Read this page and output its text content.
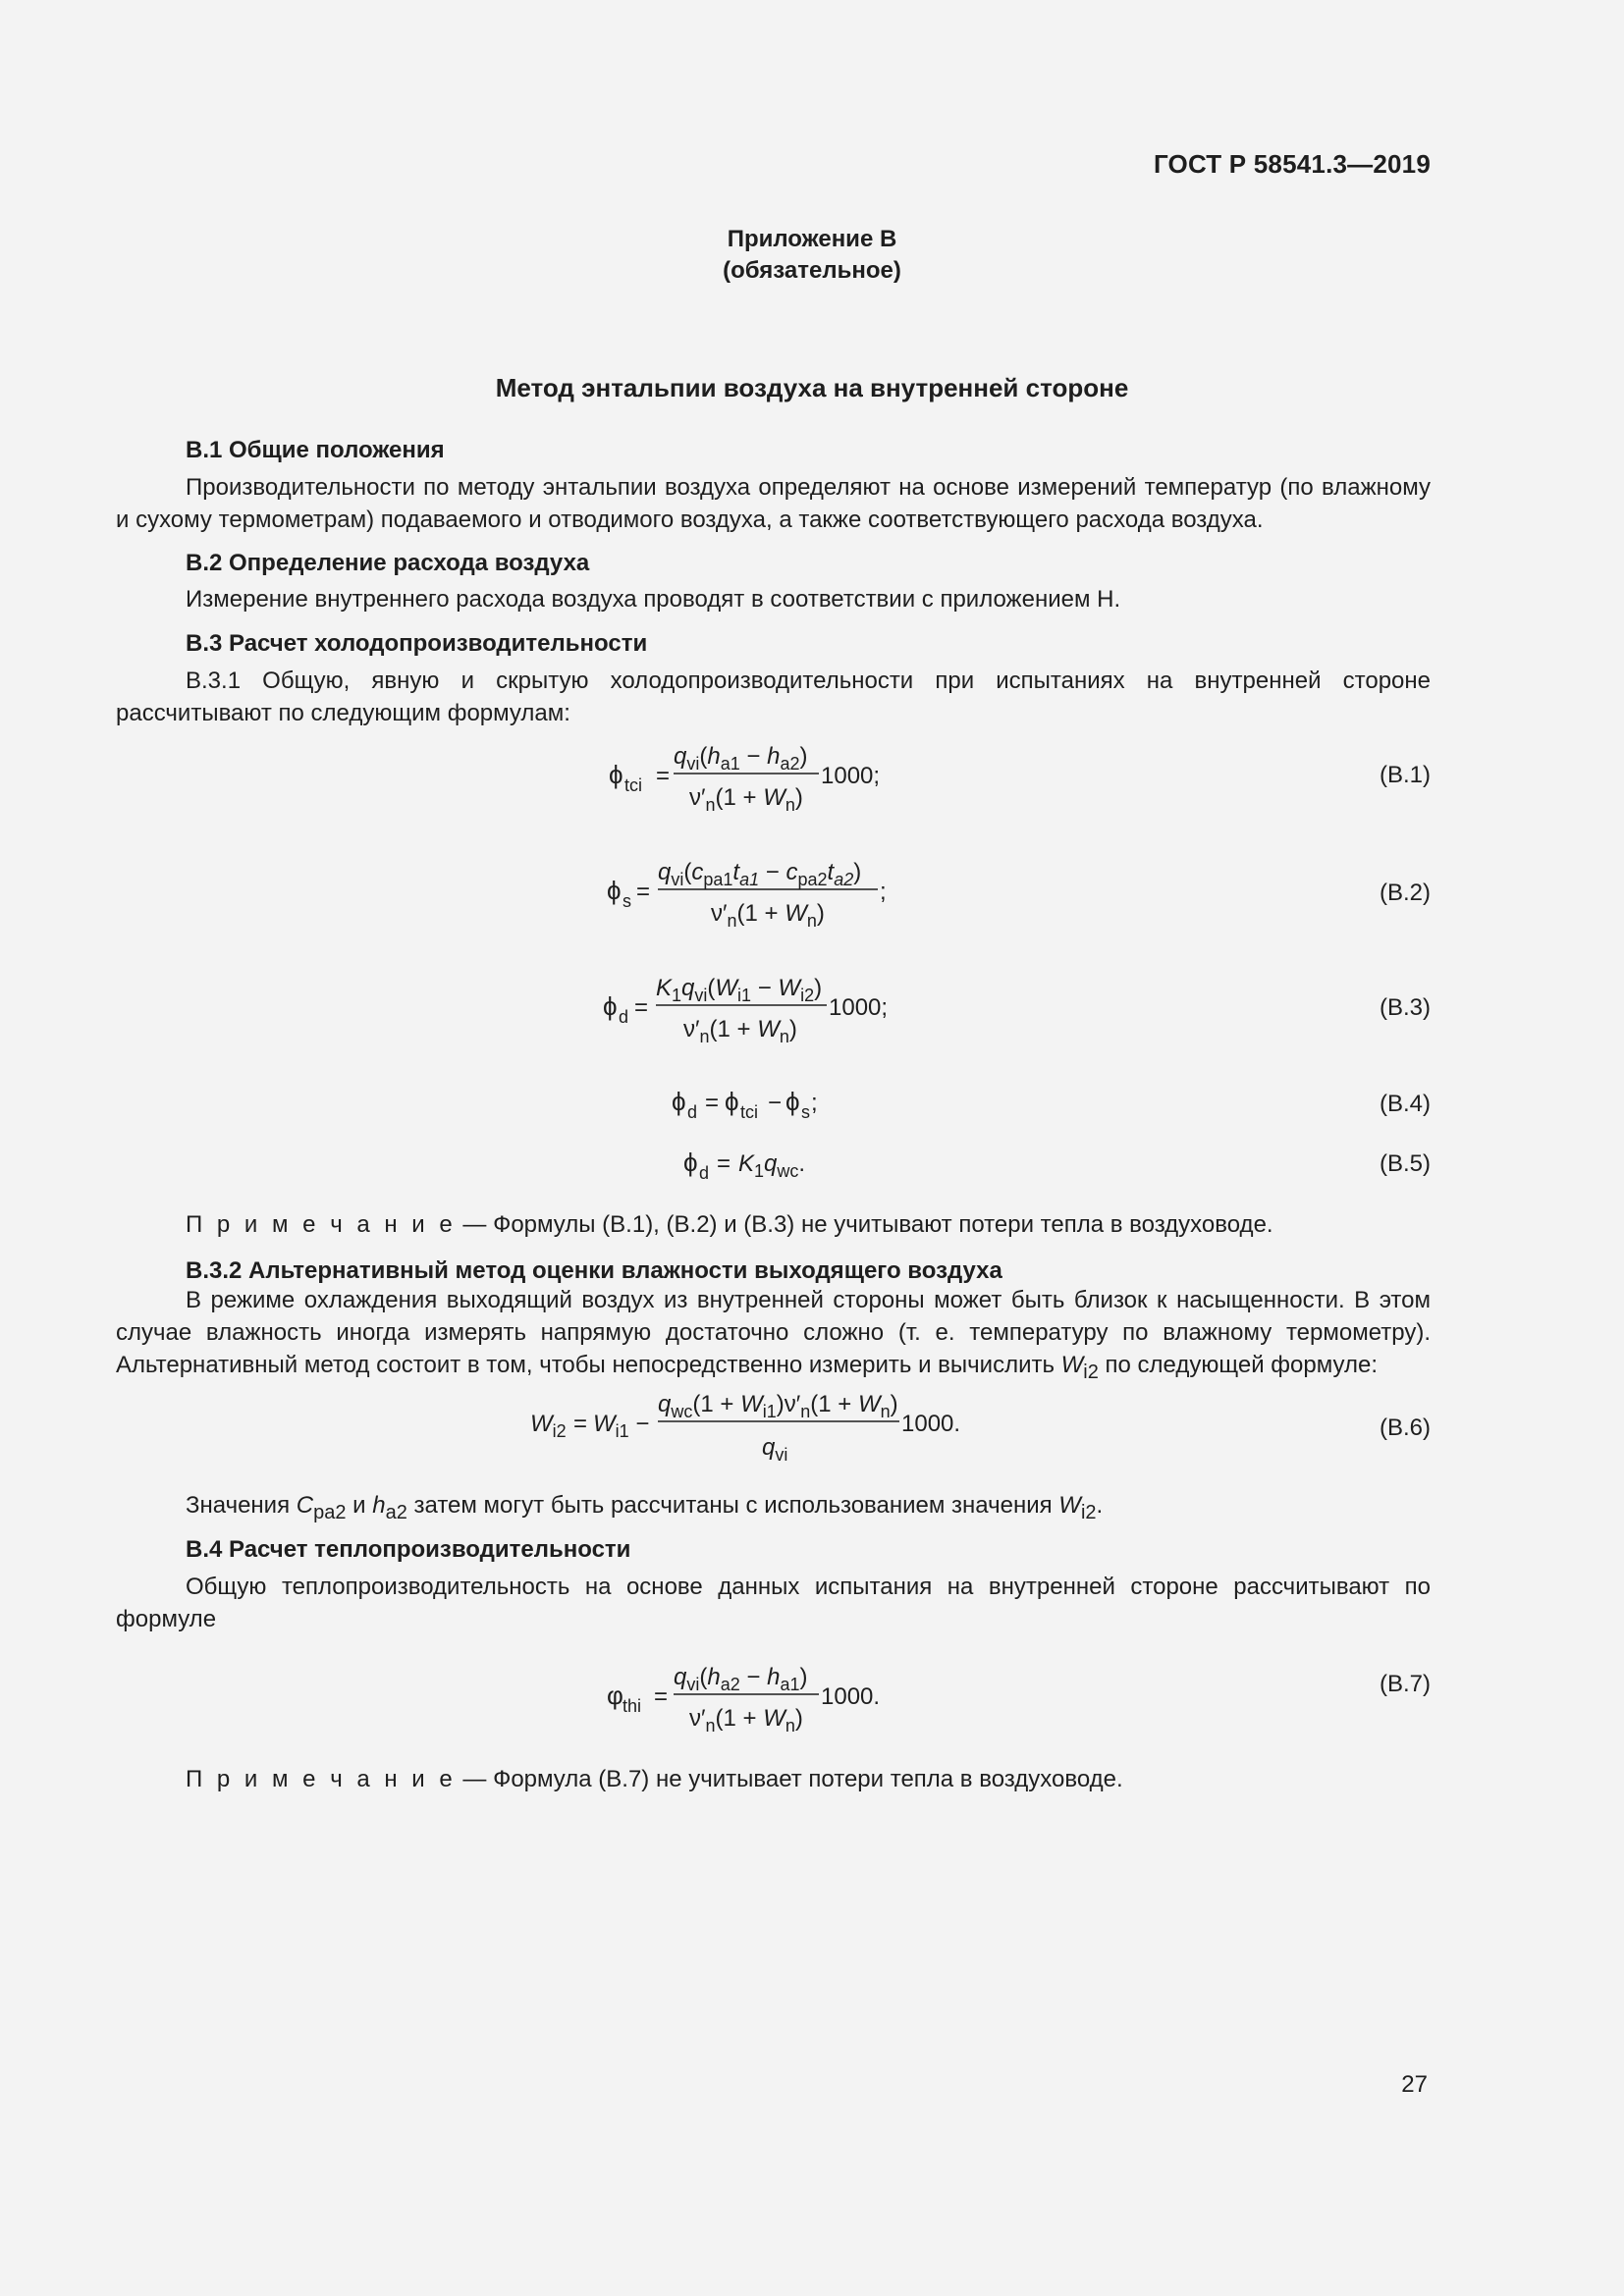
ГОСТ Р 58541.3—2019
Приложение В
(обязательное)
Метод энтальпии воздуха на внутренней стороне
В.1 Общие положения
Производительности по методу энтальпии воздуха определяют на основе измерений температур (по влажному и сухому термометрам) подаваемого и отводимого воздуха, а также соответствующего расхода воздуха.
В.2 Определение расхода воздуха
Измерение внутреннего расхода воздуха проводят в соответствии с приложением Н.
В.3 Расчет холодопроизводительности
В.3.1 Общую, явную и скрытую холодопроизводительности при испытаниях на внутренней стороне рассчитывают по следующим формулам:
ϕ tci =
$q_{vi}(h_{a1} - h_{a2})$
$\nu'_n(1 + W_n)$
1000;	(В.1)
ϕ s =
$q_{vi}(c_{pa1}t_{a1} - c_{pa2}t_{a2})$
$\nu'_n(1 + W_n)$
;	(В.2)
ϕ d =
$K_1q_{vi}(W_{i1} - W_{i2})$
$\nu'_n(1 + W_n)$
1000;	(В.3)
ϕ d = ϕ tci − ϕ s ;	(В.4)
ϕ $d = K_1q_{wc}$.	(В.5)
П р и м е ч а н и е — Формулы (В.1), (В.2) и (В.3) не учитывают потери тепла в воздуховоде.
В.3.2 Альтернативный метод оценки влажности выходящего воздуха
В режиме охлаждения выходящий воздух из внутренней стороны может быть близок к насыщенности. В этом случае влажность иногда измерять напрямую достаточно сложно (т. е. температуру по влажному термометру). Альтернативный метод состоит в том, чтобы непосредственно измерить и вычислить $W_{i2}$ по следующей формуле:
$W_{i2} = W_{i1}$ −
$q_{wc}(1 + W_{i1})\nu'_n(1 + W_n)$
$q_{vi}$
1000.	(В.6)
Значения $C_{pa2}$ и $h_{a2}$ затем могут быть рассчитаны с использованием значения $W_{i2}$.
В.4 Расчет теплопроизводительности
Общую теплопроизводительность на основе данных испытания на внутренней стороне рассчитывают по формуле
φ thi =
$q_{vi}(h_{a2} - h_{a1})$
$\nu'_n(1 + W_n)$
1000.	(В.7)
П р и м е ч а н и е — Формула (В.7) не учитывает потери тепла в воздуховоде.
27
